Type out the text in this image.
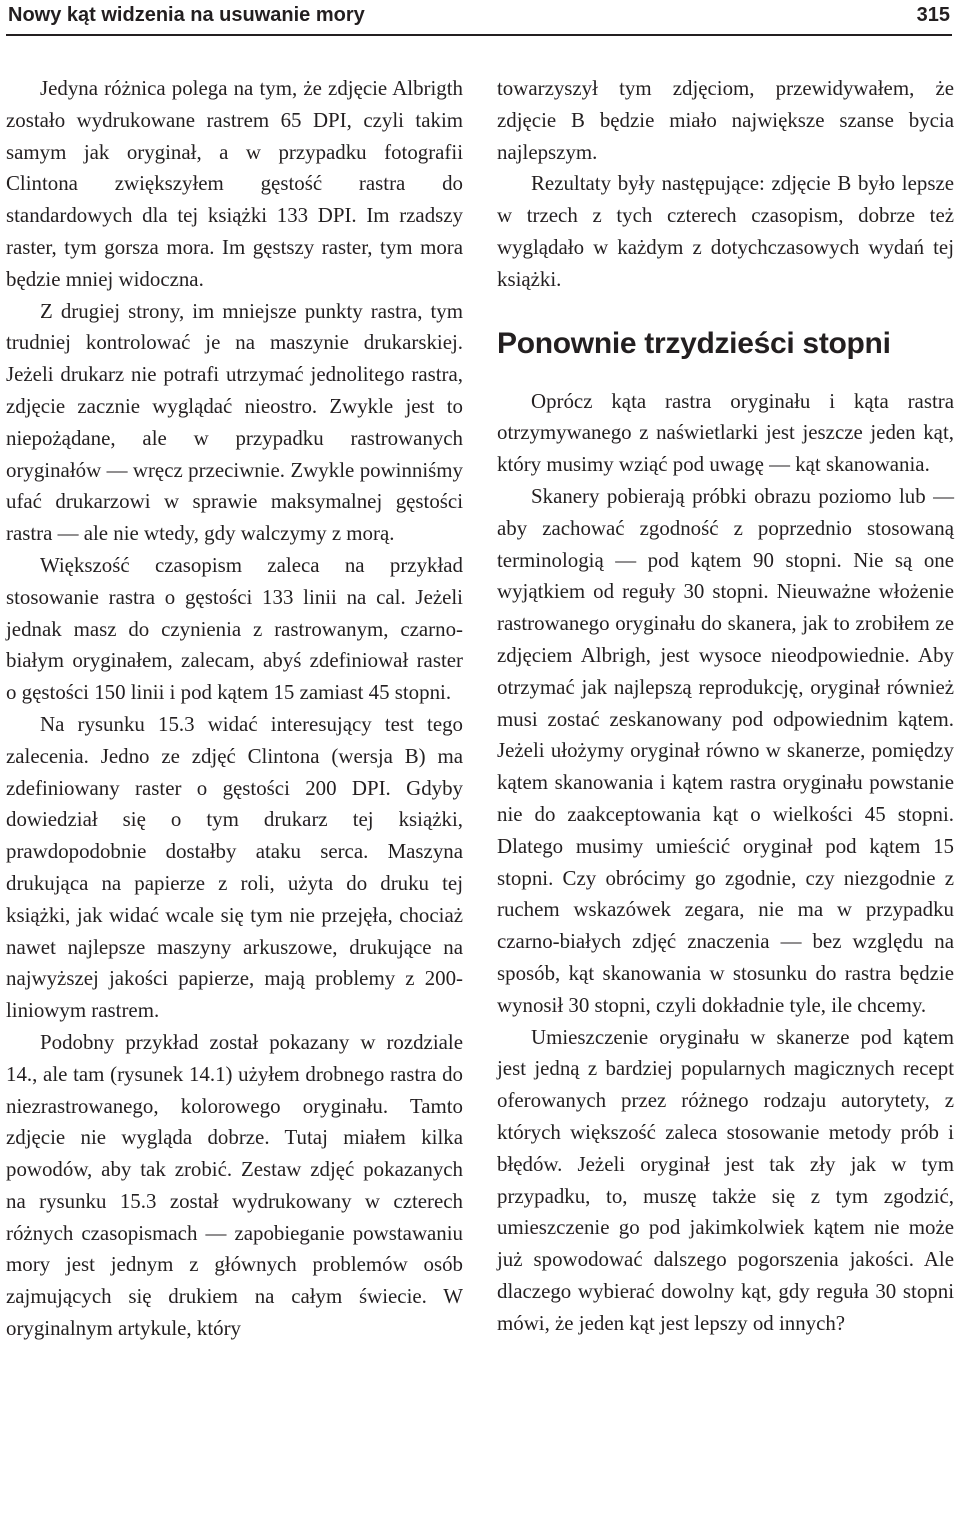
Nowy kąt widzenia na usuwanie mory	315

Jedyna różnica polega na tym, że zdjęcie Albrigth zostało wydrukowane rastrem 65 DPI, czyli takim samym jak oryginał, a w przypadku fotografii Clintona zwiększyłem gęstość rastra do standardowych dla tej książki 133 DPI. Im rzadszy raster, tym gorsza mora. Im gęstszy raster, tym mora będzie mniej widoczna.

Z drugiej strony, im mniejsze punkty rastra, tym trudniej kontrolować je na maszynie drukarskiej. Jeżeli drukarz nie potrafi utrzymać jednolitego rastra, zdjęcie zacznie wyglądać nieostro. Zwykle jest to niepożądane, ale w przypadku rastrowanych oryginałów — wręcz przeciwnie. Zwykle powinniśmy ufać drukarzowi w sprawie maksymalnej gęstości rastra — ale nie wtedy, gdy walczymy z morą.

Większość czasopism zaleca na przykład stosowanie rastra o gęstości 133 linii na cal. Jeżeli jednak masz do czynienia z rastrowanym, czarno-białym oryginałem, zalecam, abyś zdefiniował raster o gęstości 150 linii i pod kątem 15 zamiast 45 stopni.

Na rysunku 15.3 widać interesujący test tego zalecenia. Jedno ze zdjęć Clintona (wersja B) ma zdefiniowany raster o gęstości 200 DPI. Gdyby dowiedział się o tym drukarz tej książki, prawdopodobnie dostałby ataku serca. Maszyna drukująca na papierze z roli, użyta do druku tej książki, jak widać wcale się tym nie przejęła, chociaż nawet najlepsze maszyny arkuszowe, drukujące na najwyższej jakości papierze, mają problemy z 200-liniowym rastrem.

Podobny przykład został pokazany w rozdziale 14., ale tam (rysunek 14.1) użyłem drobnego rastra do niezrastrowanego, kolorowego oryginału. Tamto zdjęcie nie wygląda dobrze. Tutaj miałem kilka powodów, aby tak zrobić. Zestaw zdjęć pokazanych na rysunku 15.3 został wydrukowany w czterech różnych czasopismach — zapobieganie powstawaniu mory jest jednym z głównych problemów osób zajmujących się drukiem na całym świecie. W oryginalnym artykule, który

towarzyszył tym zdjęciom, przewidywałem, że zdjęcie B będzie miało największe szanse bycia najlepszym.

Rezultaty były następujące: zdjęcie B było lepsze w trzech z tych czterech czasopism, dobrze też wyglądało w każdym z dotychczasowych wydań tej książki.

Ponownie trzydzieści stopni

Oprócz kąta rastra oryginału i kąta rastra otrzymywanego z naświetlarki jest jeszcze jeden kąt, który musimy wziąć pod uwagę — kąt skanowania.

Skanery pobierają próbki obrazu poziomo lub — aby zachować zgodność z poprzednio stosowaną terminologią — pod kątem 90 stopni. Nie są one wyjątkiem od reguły 30 stopni. Nieuważne włożenie rastrowanego oryginału do skanera, jak to zrobiłem ze zdjęciem Albrigh, jest wysoce nieodpowiednie. Aby otrzymać jak najlepszą reprodukcję, oryginał również musi zostać zeskanowany pod odpowiednim kątem. Jeżeli ułożymy oryginał równo w skanerze, pomiędzy kątem skanowania i kątem rastra oryginału powstanie nie do zaakceptowania kąt o wielkości 45 stopni. Dlatego musimy umieścić oryginał pod kątem 15 stopni. Czy obrócimy go zgodnie, czy niezgodnie z ruchem wskazówek zegara, nie ma w przypadku czarno-białych zdjęć znaczenia — bez względu na sposób, kąt skanowania w stosunku do rastra będzie wynosił 30 stopni, czyli dokładnie tyle, ile chcemy.

Umieszczenie oryginału w skanerze pod kątem jest jedną z bardziej popularnych magicznych recept oferowanych przez różnego rodzaju autorytety, z których większość zaleca stosowanie metody prób i błędów. Jeżeli oryginał jest tak zły jak w tym przypadku, to, muszę także się z tym zgodzić, umieszczenie go pod jakimkolwiek kątem nie może już spowodować dalszego pogorszenia jakości. Ale dlaczego wybierać dowolny kąt, gdy reguła 30 stopni mówi, że jeden kąt jest lepszy od innych?
